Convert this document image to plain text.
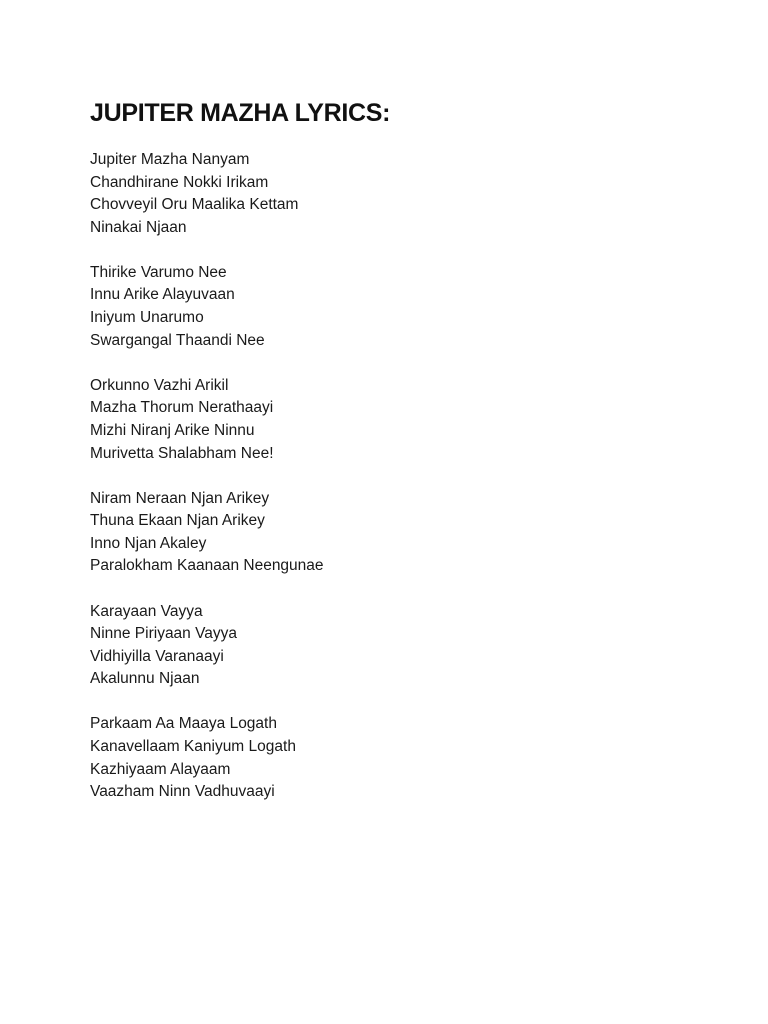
JUPITER MAZHA LYRICS:
Jupiter Mazha Nanyam
Chandhirane Nokki Irikam
Chovveyil Oru Maalika Kettam
Ninakai Njaan
Thirike Varumo Nee
Innu Arike Alayuvaan
Iniyum Unarumo
Swargangal Thaandi Nee
Orkunno Vazhi Arikil
Mazha Thorum Nerathaayi
Mizhi Niranj Arike Ninnu
Murivetta Shalabham Nee!
Niram Neraan Njan Arikey
Thuna Ekaan Njan Arikey
Inno Njan Akaley
Paralokham Kaanaan Neengunae
Karayaan Vayya
Ninne Piriyaan Vayya
Vidhiyilla Varanaayi
Akalunnu Njaan
Parkaam Aa Maaya Logath
Kanavellaam Kaniyum Logath
Kazhiyaam Alayaam
Vaazham Ninn Vadhuvaayi
